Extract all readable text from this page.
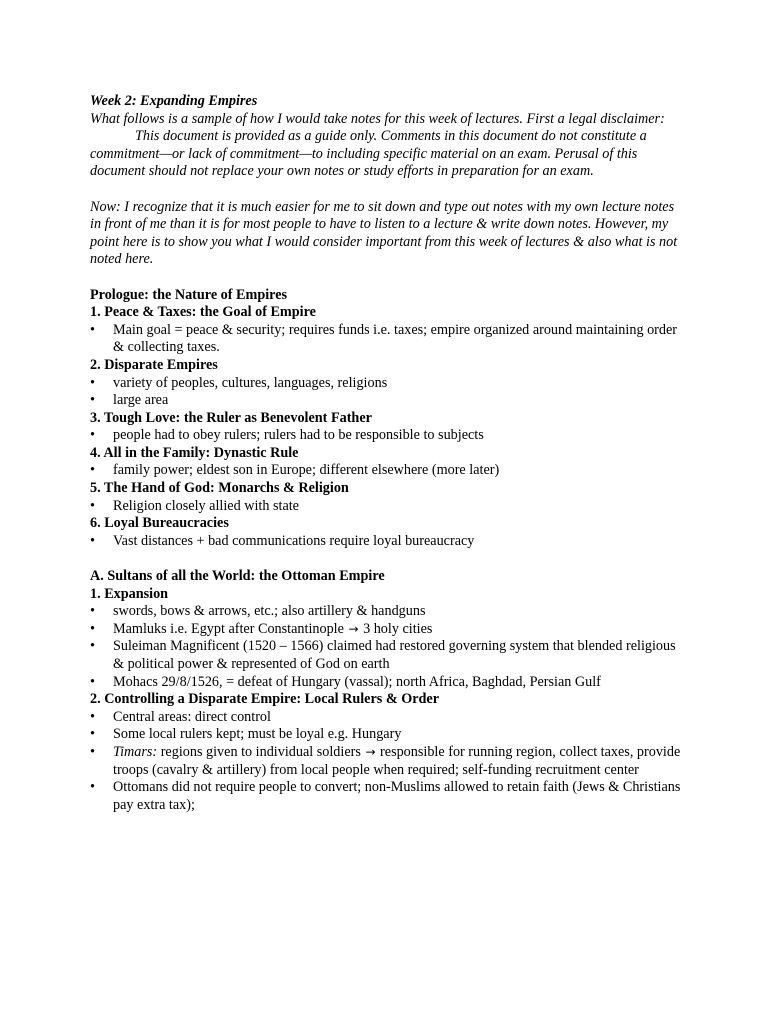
Week 2: Expanding Empires

What follows is a sample of how I would take notes for this week of lectures. First a legal disclaimer:

This document is provided as a guide only. Comments in this document do not constitute a commitment—or lack of commitment—to including specific material on an exam. Perusal of this document should not replace your own notes or study efforts in preparation for an exam.

Now: I recognize that it is much easier for me to sit down and type out notes with my own lecture notes in front of me than it is for most people to have to listen to a lecture & write down notes. However, my point here is to show you what I would consider important from this week of lectures & also what is not noted here.

Prologue: the Nature of Empires

1. Peace & Taxes: the Goal of Empire

•
Main goal = peace & security; requires funds i.e. taxes; empire organized around maintaining order & collecting taxes.

2. Disparate Empires

•
variety of peoples, cultures, languages, religions
•
large area

3. Tough Love: the Ruler as Benevolent Father

•
people had to obey rulers; rulers had to be responsible to subjects

4. All in the Family: Dynastic Rule

•
family power; eldest son in Europe; different elsewhere (more later)

5. The Hand of God: Monarchs & Religion

•
Religion closely allied with state

6. Loyal Bureaucracies

•
Vast distances + bad communications require loyal bureaucracy

A. Sultans of all the World: the Ottoman Empire

1. Expansion

•
swords, bows & arrows, etc.; also artillery & handguns
•
Mamluks i.e. Egypt after Constantinople → 3 holy cities
•
Suleiman Magnificent (1520 – 1566) claimed had restored governing system that blended religious & political power & represented of God on earth
•
Mohacs 29/8/1526, = defeat of Hungary (vassal); north Africa, Baghdad, Persian Gulf

2. Controlling a Disparate Empire: Local Rulers & Order

•
Central areas: direct control
•
Some local rulers kept; must be loyal e.g. Hungary
•
Timars: regions given to individual soldiers → responsible for running region, collect taxes, provide troops (cavalry & artillery) from local people when required; self-funding recruitment center
•
Ottomans did not require people to convert; non-Muslims allowed to retain faith (Jews & Christians pay extra tax);
